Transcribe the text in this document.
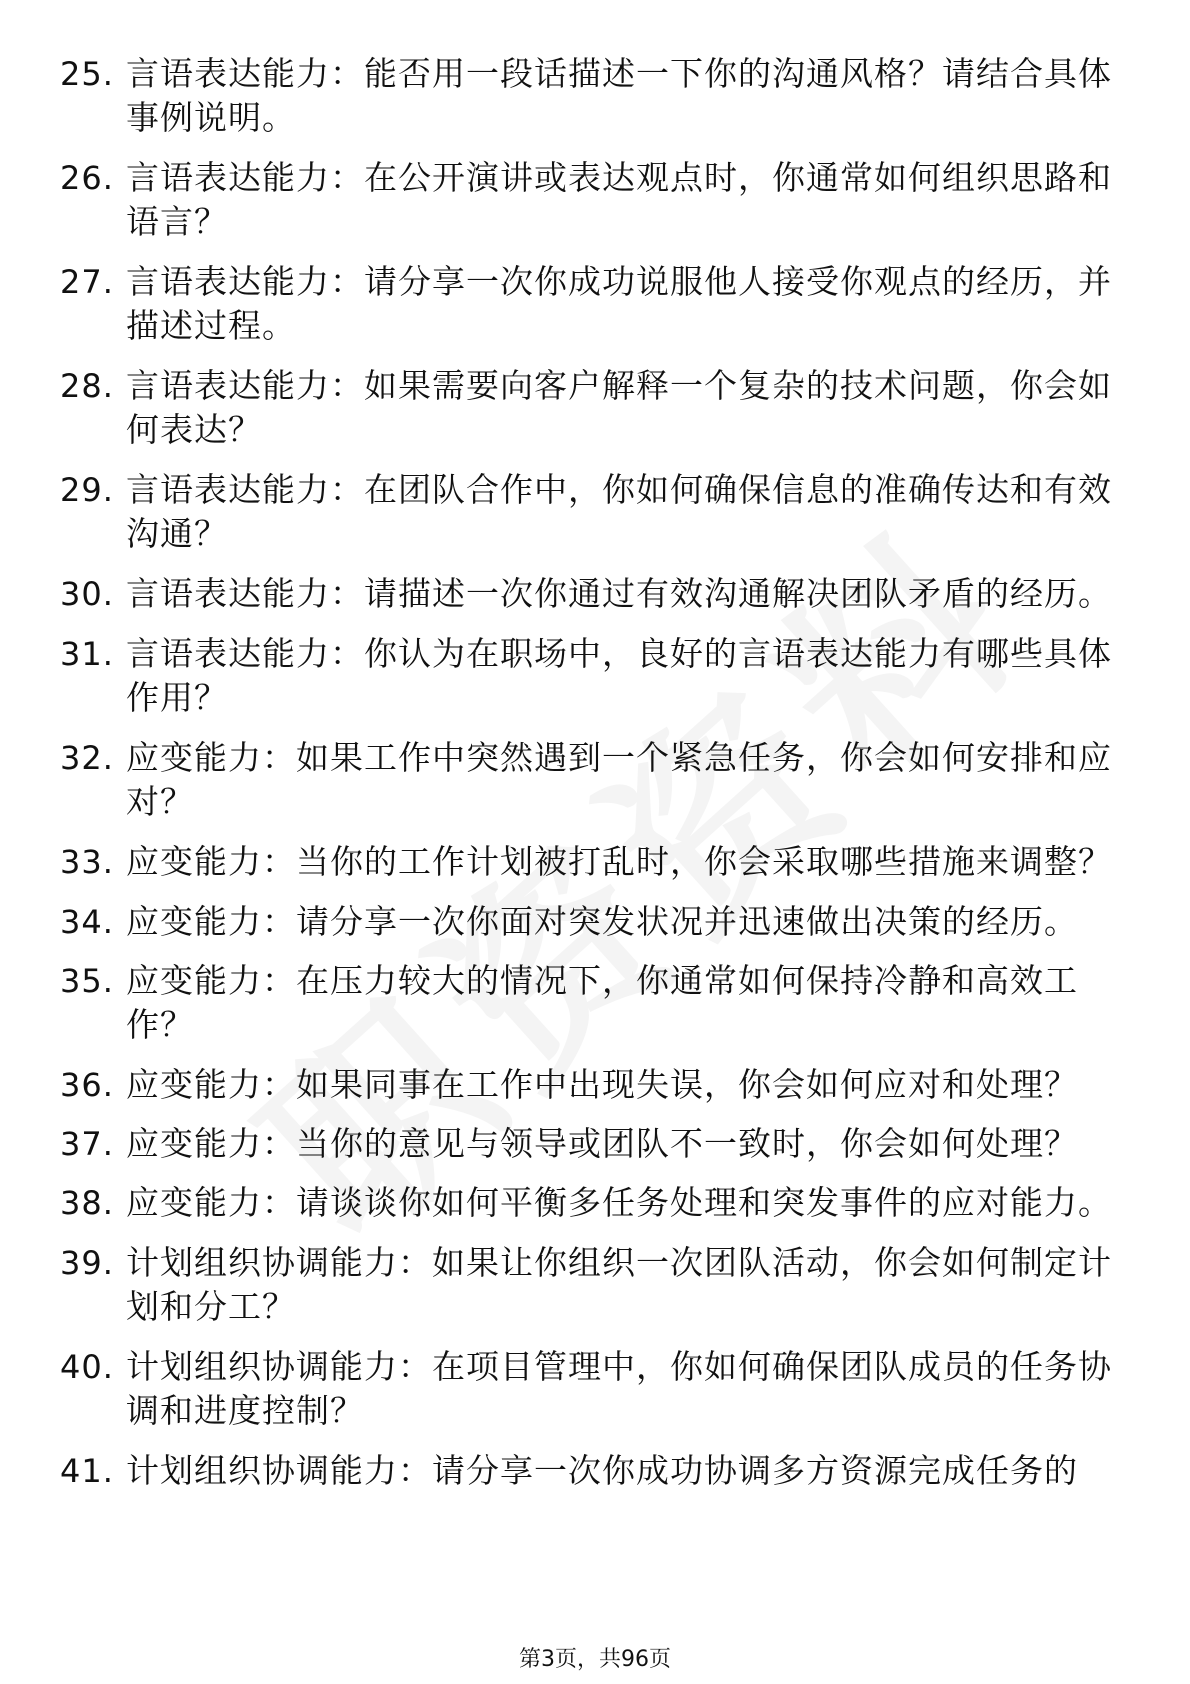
25. 言语表达能力：能否用一段话描述一下你的沟通风格？请结合具体事例说明。
26. 言语表达能力：在公开演讲或表达观点时，你通常如何组织思路和语言？
27. 言语表达能力：请分享一次你成功说服他人接受你观点的经历，并描述过程。
28. 言语表达能力：如果需要向客户解释一个复杂的技术问题，你会如何表达？
29. 言语表达能力：在团队合作中，你如何确保信息的准确传达和有效沟通？
30. 言语表达能力：请描述一次你通过有效沟通解决团队矛盾的经历。
31. 言语表达能力：你认为在职场中，良好的言语表达能力有哪些具体作用？
32. 应变能力：如果工作中突然遇到一个紧急任务，你会如何安排和应对？
33. 应变能力：当你的工作计划被打乱时，你会采取哪些措施来调整？
34. 应变能力：请分享一次你面对突发状况并迅速做出决策的经历。
35. 应变能力：在压力较大的情况下，你通常如何保持冷静和高效工作？
36. 应变能力：如果同事在工作中出现失误，你会如何应对和处理？
37. 应变能力：当你的意见与领导或团队不一致时，你会如何处理？
38. 应变能力：请谈谈你如何平衡多任务处理和突发事件的应对能力。
39. 计划组织协调能力：如果让你组织一次团队活动，你会如何制定计划和分工？
40. 计划组织协调能力：在项目管理中，你如何确保团队成员的任务协调和进度控制？
41. 计划组织协调能力：请分享一次你成功协调多方资源完成任务的
第3页，共96页
